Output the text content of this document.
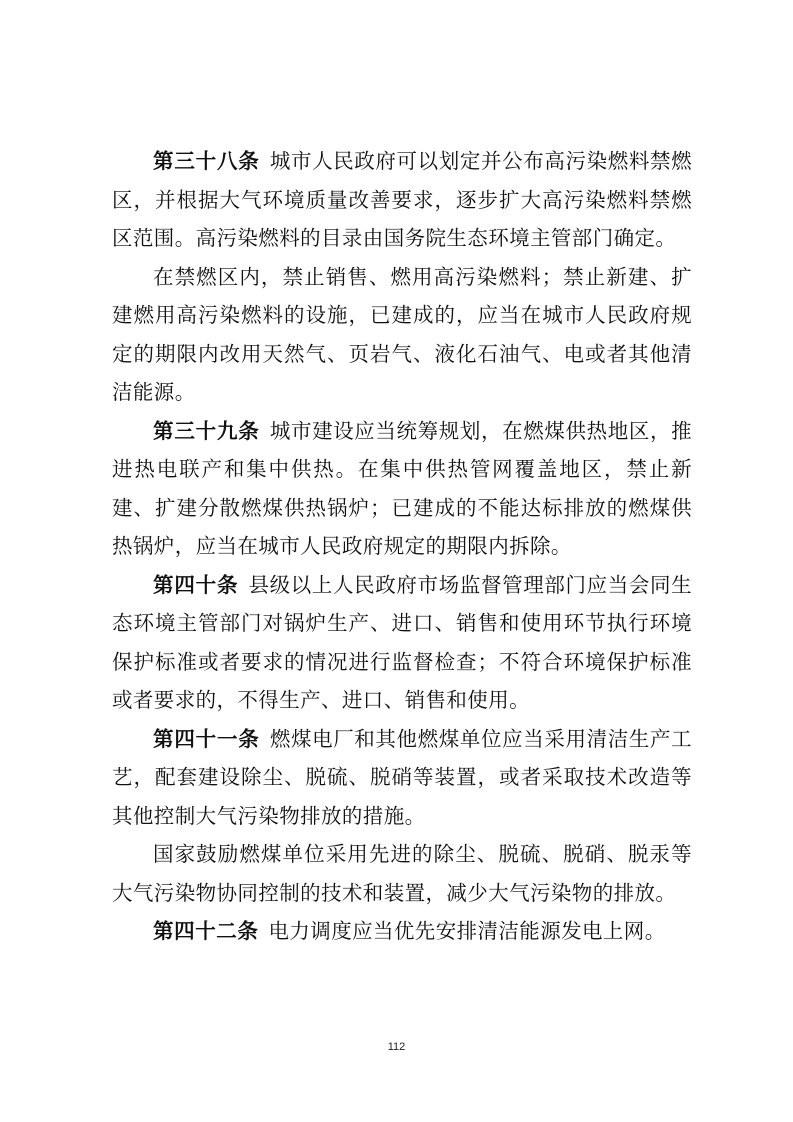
第三十八条 城市人民政府可以划定并公布高污染燃料禁燃区，并根据大气环境质量改善要求，逐步扩大高污染燃料禁燃区范围。高污染燃料的目录由国务院生态环境主管部门确定。

在禁燃区内，禁止销售、燃用高污染燃料；禁止新建、扩建燃用高污染燃料的设施，已建成的，应当在城市人民政府规定的期限内改用天然气、页岩气、液化石油气、电或者其他清洁能源。

第三十九条 城市建设应当统筹规划，在燃煤供热地区，推进热电联产和集中供热。在集中供热管网覆盖地区，禁止新建、扩建分散燃煤供热锅炉；已建成的不能达标排放的燃煤供热锅炉，应当在城市人民政府规定的期限内拆除。

第四十条 县级以上人民政府市场监督管理部门应当会同生态环境主管部门对锅炉生产、进口、销售和使用环节执行环境保护标准或者要求的情况进行监督检查；不符合环境保护标准或者要求的，不得生产、进口、销售和使用。

第四十一条 燃煤电厂和其他燃煤单位应当采用清洁生产工艺，配套建设除尘、脱硫、脱硝等装置，或者采取技术改造等其他控制大气污染物排放的措施。

国家鼓励燃煤单位采用先进的除尘、脱硫、脱硝、脱汞等大气污染物协同控制的技术和装置，减少大气污染物的排放。

第四十二条 电力调度应当优先安排清洁能源发电上网。

112
